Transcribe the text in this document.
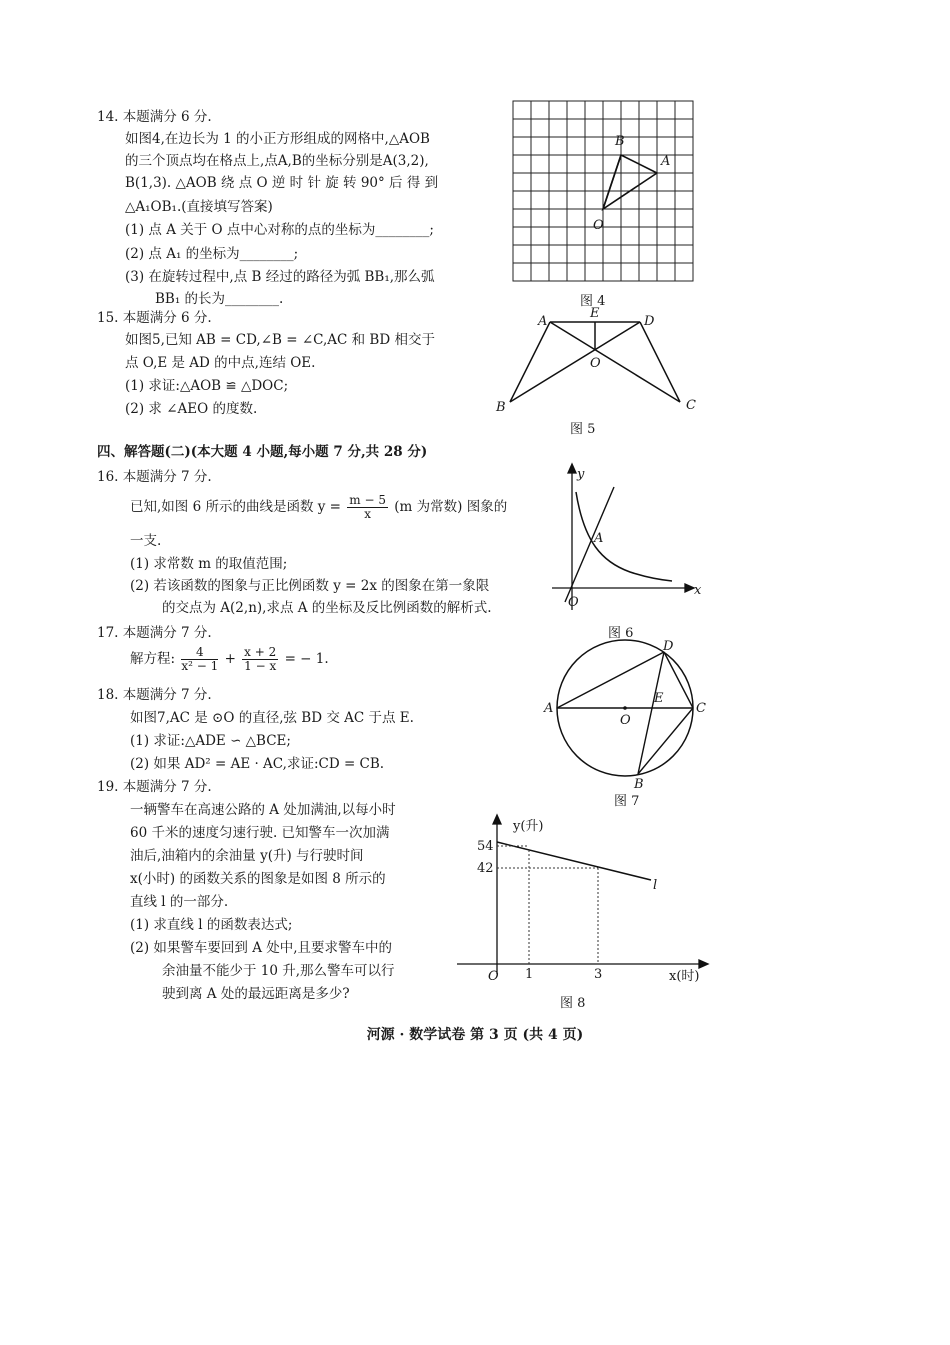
14. 本题满分 6 分.
如图4,在边长为 1 的小正方形组成的网格中,△AOB
的三个顶点均在格点上,点A,B的坐标分别是A(3,2),
B(1,3). △AOB 绕 点 O 逆 时 针 旋 转 90° 后 得 到
△A₁OB₁.(直接填写答案)
(1) 点 A 关于 O 点中心对称的点的坐标为________;
(2) 点 A₁ 的坐标为________;
(3) 在旋转过程中,点 B 经过的路径为弧 BB₁,那么弧
BB₁ 的长为________.
B
A
O
图 4
15. 本题满分 6 分.
如图5,已知 AB = CD,∠B = ∠C,AC 和 BD 相交于
点 O,E 是 AD 的中点,连结 OE.
(1) 求证:△AOB ≌ △DOC;
(2) 求 ∠AEO 的度数.
A
E
D
O
B	C
图 5
四、解答题(二)(本大题 4 小题,每小题 7 分,共 28 分)
16. 本题满分 7 分.
已知,如图 6 所示的曲线是函数 $y = \frac{m - 5}{x} (m$ 为常数) 图象的
一支.
(1) 求常数 m 的取值范围;
(2) 若该函数的图象与正比例函数 y = 2x 的图象在第一象限
的交点为 A(2,n),求点 A 的坐标及反比例函数的解析式.
y
x
O
A
图 6
17. 本题满分 7 分.
解方程: $\frac{4}{\text{x² − 1}} + \frac{x + 2}{1 - x}$ = − 1.
18. 本题满分 7 分.
如图7,AC 是 ⊙O 的直径,弦 BD 交 AC 于点 E.
(1) 求证:△ADE ∽ △BCE;
(2) 如果 AD² = AE · AC,求证:CD = CB.
A	C
D
B
E
O
图 7
19. 本题满分 7 分.
一辆警车在高速公路的 A 处加满油,以每小时
60 千米的速度匀速行驶. 已知警车一次加满
油后,油箱内的余油量 y(升) 与行驶时间
x(小时) 的函数关系的图象是如图 8 所示的
直线 l 的一部分.
(1) 求直线 l 的函数表达式;
(2) 如果警车要回到 A 处中,且要求警车中的
余油量不能少于 10 升,那么警车可以行
驶到离 A 处的最远距离是多少?
y(升)
54
42
O 1	3	x(时)
l
图 8
河源 · 数学试卷 第 3 页 (共 4 页)
